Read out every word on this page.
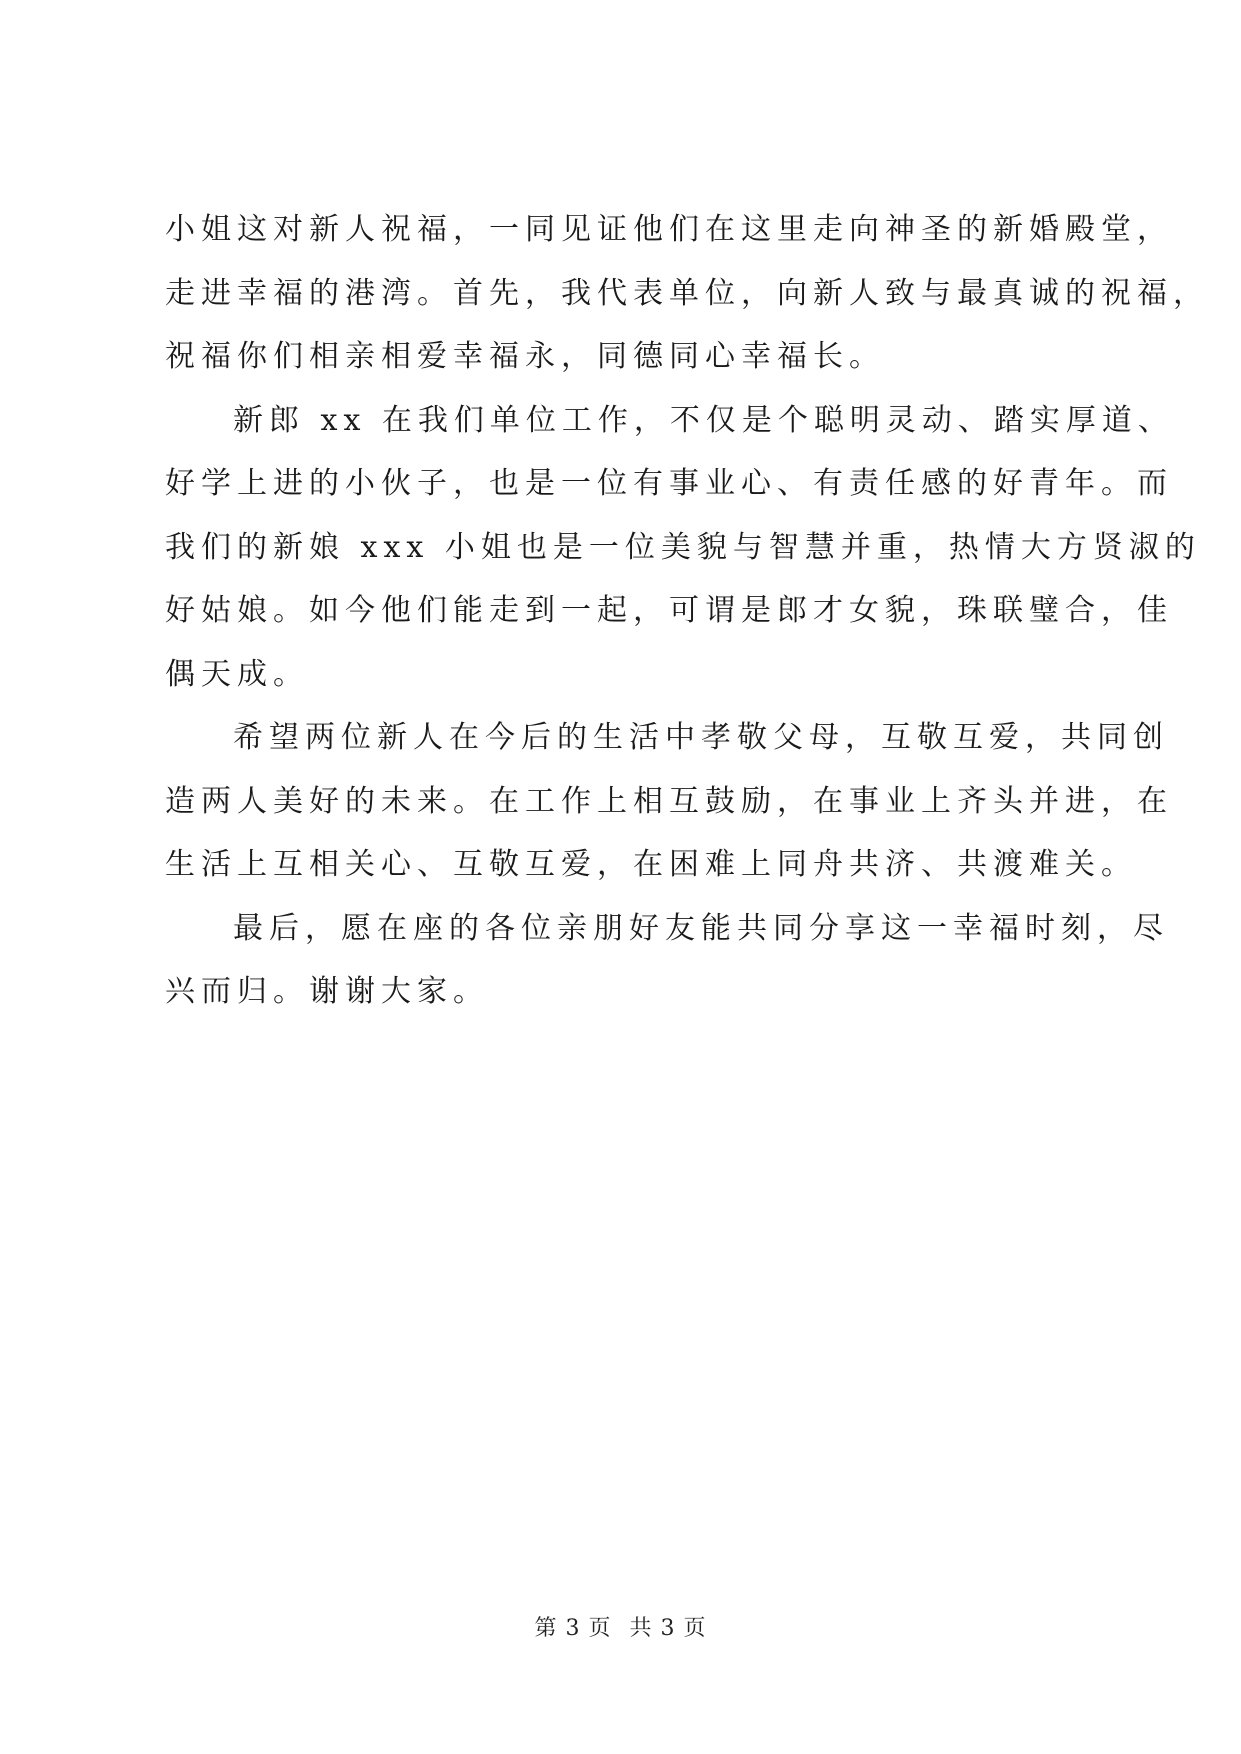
小姐这对新人祝福，一同见证他们在这里走向神圣的新婚殿堂，

走进幸福的港湾。首先，我代表单位，向新人致与最真诚的祝福，

祝福你们相亲相爱幸福永，同德同心幸福长。

新郎 xx 在我们单位工作，不仅是个聪明灵动、踏实厚道、

好学上进的小伙子，也是一位有事业心、有责任感的好青年。而

我们的新娘 xxx 小姐也是一位美貌与智慧并重，热情大方贤淑的

好姑娘。如今他们能走到一起，可谓是郎才女貌，珠联璧合，佳

偶天成。

希望两位新人在今后的生活中孝敬父母，互敬互爱，共同创

造两人美好的未来。在工作上相互鼓励，在事业上齐头并进，在

生活上互相关心、互敬互爱，在困难上同舟共济、共渡难关。

最后，愿在座的各位亲朋好友能共同分享这一幸福时刻，尽

兴而归。谢谢大家。

第 3 页 共 3 页
